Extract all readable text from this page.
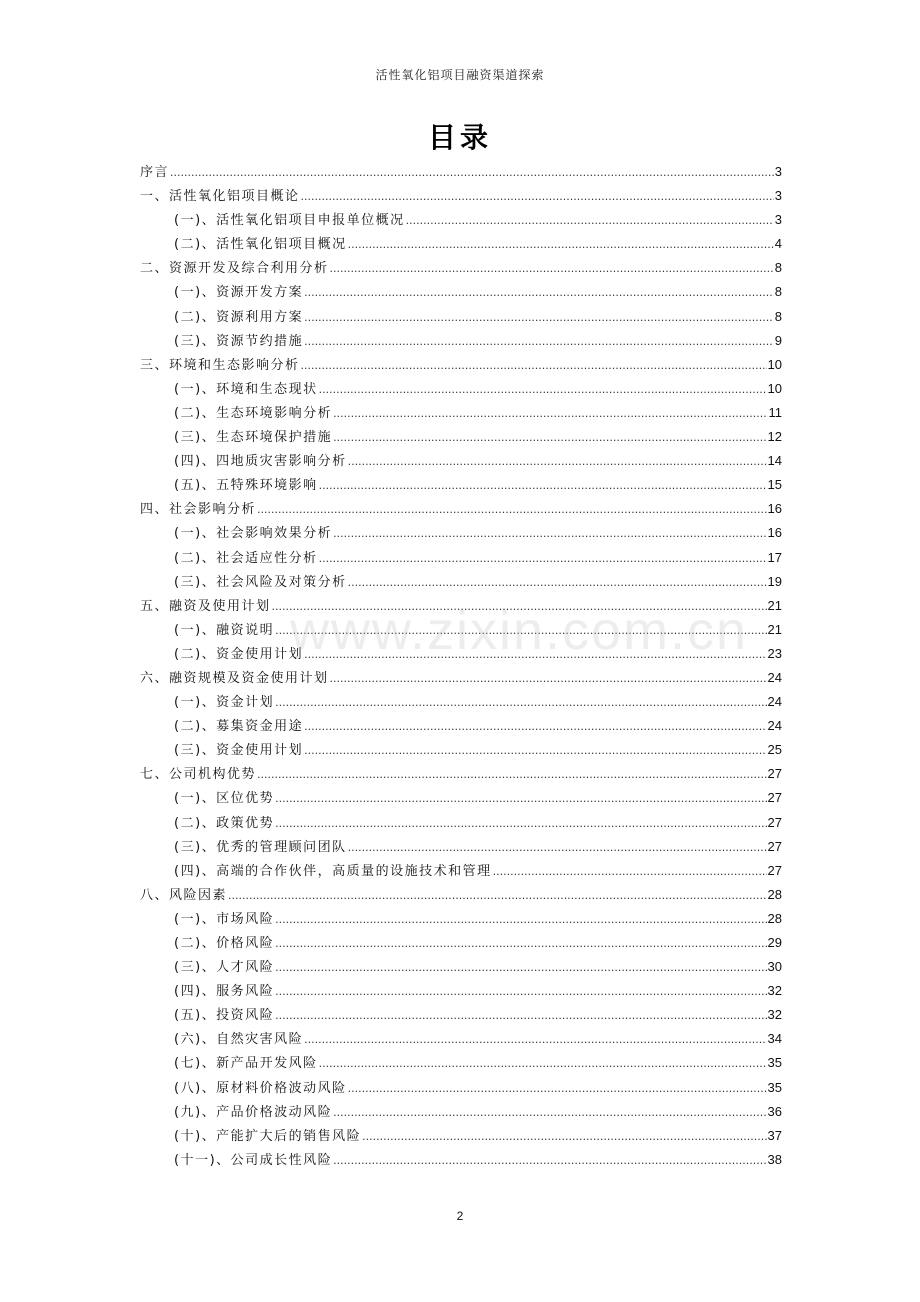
活性氧化铝项目融资渠道探索
目录
序言 .....	3
一、活性氧化铝项目概论 .....	3
(一)、活性氧化铝项目申报单位概况 .....	3
(二)、活性氧化铝项目概况 .....	4
二、资源开发及综合利用分析 .....	8
(一)、资源开发方案 .....	8
(二)、资源利用方案 .....	8
(三)、资源节约措施 .....	9
三、环境和生态影响分析 .....	10
(一)、环境和生态现状 .....	10
(二)、生态环境影响分析 .....	11
(三)、生态环境保护措施 .....	12
(四)、四地质灾害影响分析 .....	14
(五)、五特殊环境影响 .....	15
四、社会影响分析 .....	16
(一)、社会影响效果分析 .....	16
(二)、社会适应性分析 .....	17
(三)、社会风险及对策分析 .....	19
五、融资及使用计划 .....	21
(一)、融资说明 .....	21
(二)、资金使用计划 .....	23
六、融资规模及资金使用计划 .....	24
(一)、资金计划 .....	24
(二)、募集资金用途 .....	24
(三)、资金使用计划 .....	25
七、公司机构优势 .....	27
(一)、区位优势 .....	27
(二)、政策优势 .....	27
(三)、优秀的管理顾问团队 .....	27
(四)、高端的合作伙伴，高质量的设施技术和管理 .....	27
八、风险因素 .....	28
(一)、市场风险 .....	28
(二)、价格风险 .....	29
(三)、人才风险 .....	30
(四)、服务风险 .....	32
(五)、投资风险 .....	32
(六)、自然灾害风险 .....	34
(七)、新产品开发风险 .....	35
(八)、原材料价格波动风险 .....	35
(九)、产品价格波动风险 .....	36
(十)、产能扩大后的销售风险 .....	37
(十一)、公司成长性风险 .....	38
www.zixin.com.cn
2
